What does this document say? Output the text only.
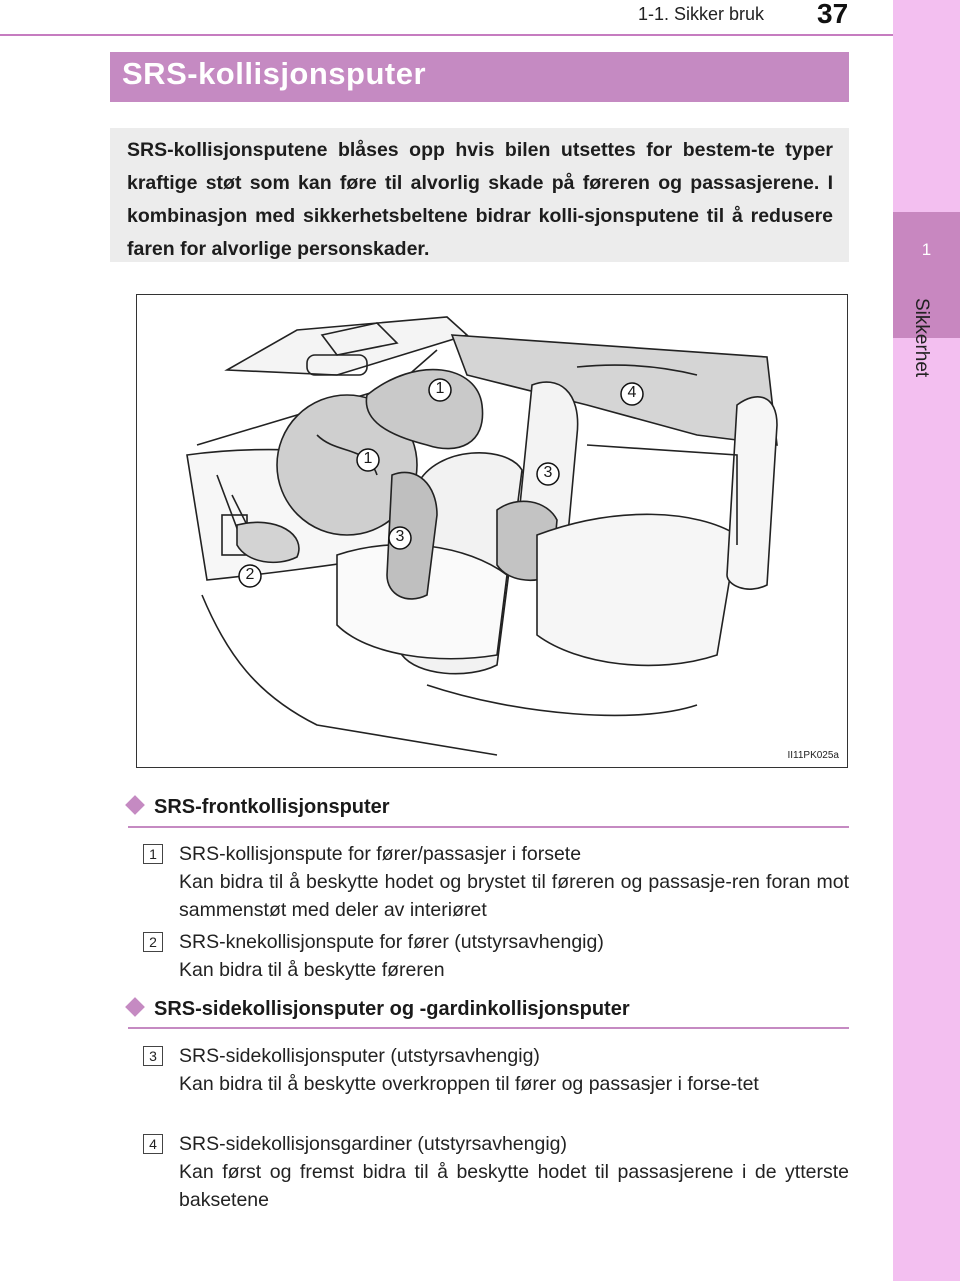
1-1. Sikker bruk 37
1
Sikkerhet
SRS-kollisjonsputer

SRS-kollisjonsputene blåses opp hvis bilen utsettes for bestem-te typer kraftige støt som kan føre til alvorlig skade på føreren og passasjerene. I kombinasjon med sikkerhetsbeltene bidrar kolli-sjonsputene til å redusere faren for alvorlige personskader.

1
1
2
3
3
4
II11PK025a
SRS-frontkollisjonsputer
1	SRS-kollisjonspute for fører/passasjer i forsete
Kan bidra til å beskytte hodet og brystet til føreren og passasje-ren foran mot sammenstøt med deler av interiøret
2	SRS-knekollisjonspute for fører (utstyrsavhengig)
Kan bidra til å beskytte føreren
SRS-sidekollisjonsputer og -gardinkollisjonsputer
3	SRS-sidekollisjonsputer (utstyrsavhengig)
Kan bidra til å beskytte overkroppen til fører og passasjer i forse-tet
4	SRS-sidekollisjonsgardiner (utstyrsavhengig)
Kan først og fremst bidra til å beskytte hodet til passasjerene i de ytterste baksetene
